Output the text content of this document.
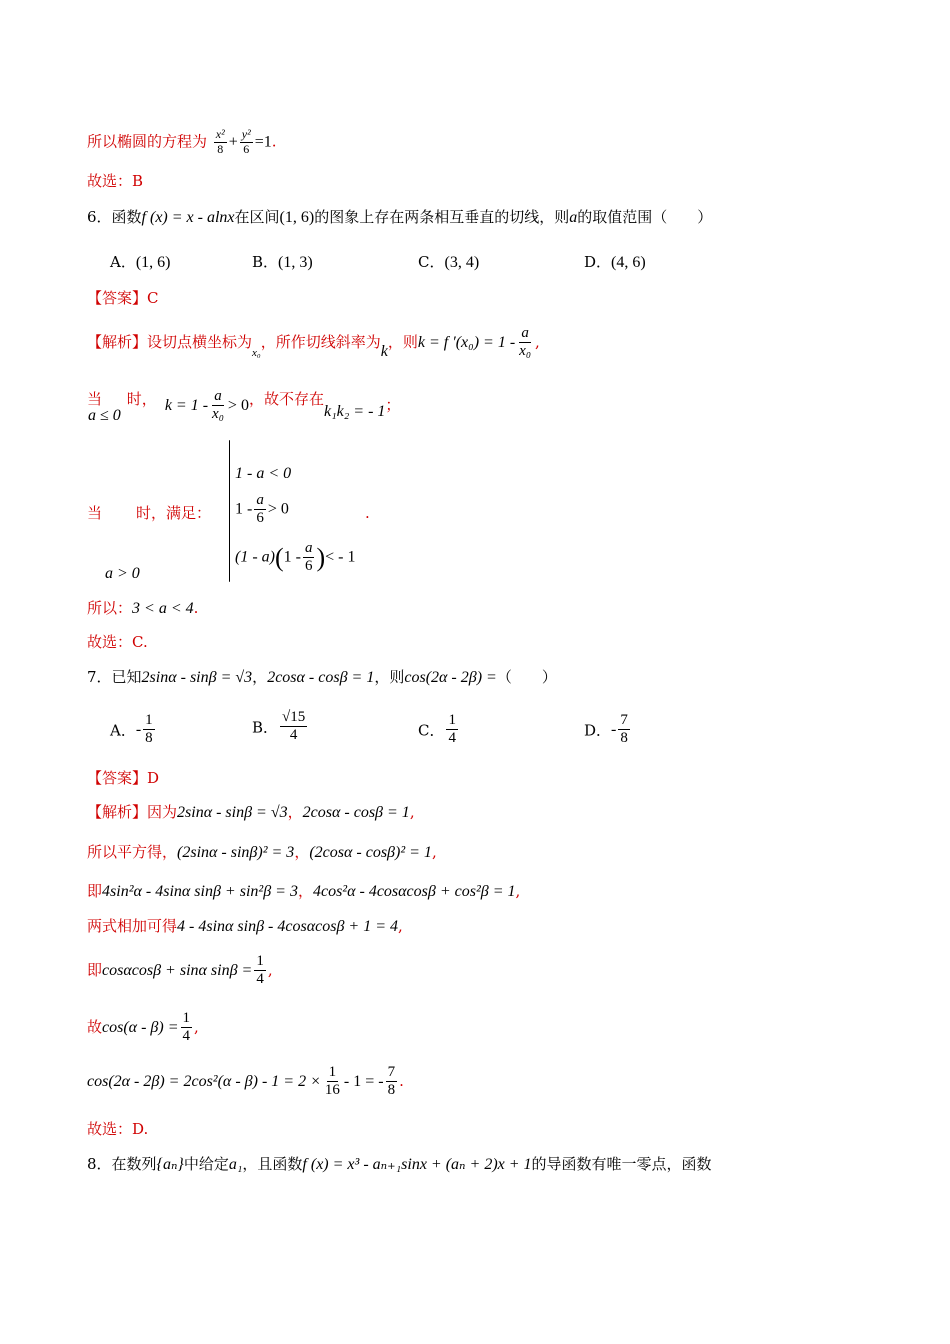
所以椭圆的方程为 $\frac{\text{x²}}{8} + \frac{\text{y²}}{6} =1$.
故选：B
6．函数f (x) = x - alnx在区间(1, 6)的图象上存在两条相互垂直的切线，则a的取值范围（　　）
A．(1, 6)	B．(1, 3)	C．(3, 4)	D．(4, 6)
【答案】C
【解析】设切点横坐标为$_{x_0}$，所作切线斜率为k，则k = f $'(x_0) = 1 - \frac{a}{\text{x₀}}$ ,
当a ≤ 0时， $k = 1 - \frac{a}{\text{x₀}} > 0$，故不存在k₁k₂ = - 1；
当 时，满足：
a > 0
1 - a < 0
$1 - \frac{a}{6} > 0$
$(1 - a)(1 - \frac{a}{6}$ )< - 1
.
所以：3 < a < 4.
故选：C.
7．已知2sinα - sinβ = √3，2cosα - cosβ = 1，则cos(2α - 2β) =（　　）
A．- $\frac{1}{8}$	B． $\frac{√15}{4}$	C． $\frac{1}{4}$	D．- $\frac{7}{8}$
【答案】D
【解析】因为2sinα - sinβ = √3，2cosα - cosβ = 1,
所以平方得，(2sinα - sinβ)² = 3，(2cosα - cosβ)² = 1,
即4sin²α - 4sinα sinβ + sin²β = 3，4cos²α - 4cosαcosβ + cos²β = 1,
两式相加可得4 - 4sinα sinβ - 4cosαcosβ + 1 = 4,
即cosαcosβ + sinα $\sin\beta = \frac{1}{4}$ ,
故$\cos(\alpha - \beta) = \frac{1}{4}$ ,
$\cos(2\alpha - 2\beta) = 2\cos^2(\alpha - \beta) - 1 = 2 \times \frac{1}{16} - 1$ = - $\frac{7}{8}$ .
故选：D.
8．在数列{aₙ}中给定a₁，且函数f (x) = x³ - aₙ₊₁sinx + (aₙ + 2)x + 1的导函数有唯一零点，函数
